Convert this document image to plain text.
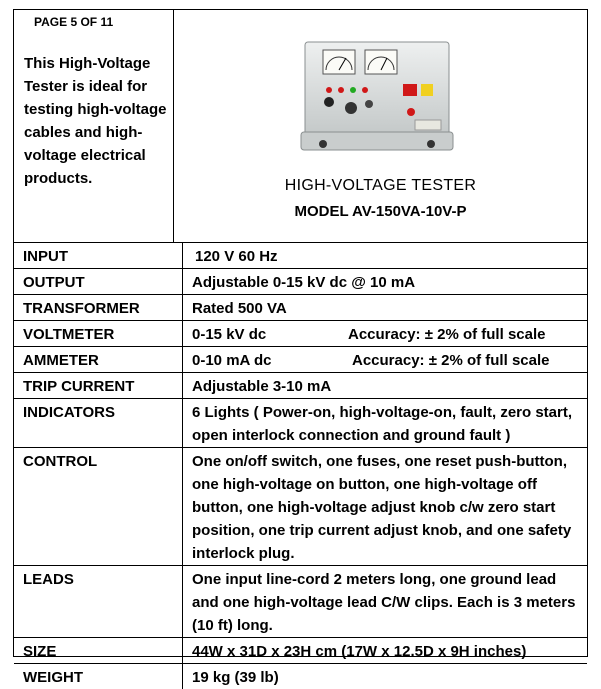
PAGE 5 OF 11
This High-Voltage Tester is ideal for testing high-voltage cables and high-voltage electrical products.	HIGH-VOLTAGE TESTER
MODEL AV-150VA-10V-P
INPUT	120 V 60 Hz
OUTPUT	Adjustable 0-15 kV dc @ 10 mA
TRANSFORMER	Rated 500 VA
VOLTMETER	0-15 kV dc Accuracy: ± 2% of full scale
AMMETER	0-10 mA dc Accuracy: ± 2% of full scale
TRIP CURRENT	Adjustable 3-10 mA
INDICATORS	6 Lights ( Power-on, high-voltage-on, fault, zero start, open interlock connection and ground fault )
CONTROL	One on/off switch, one fuses, one reset push-button, one high-voltage on button, one high-voltage off button, one high-voltage adjust knob c/w zero start position, one trip current adjust knob, and one safety interlock plug.
LEADS	One input line-cord 2 meters long, one ground lead and one high-voltage lead C/W clips. Each is 3 meters (10 ft) long.
SIZE	44W x 31D x 23H cm (17W x 12.5D x 9H inches)
WEIGHT	19 kg (39 lb)
